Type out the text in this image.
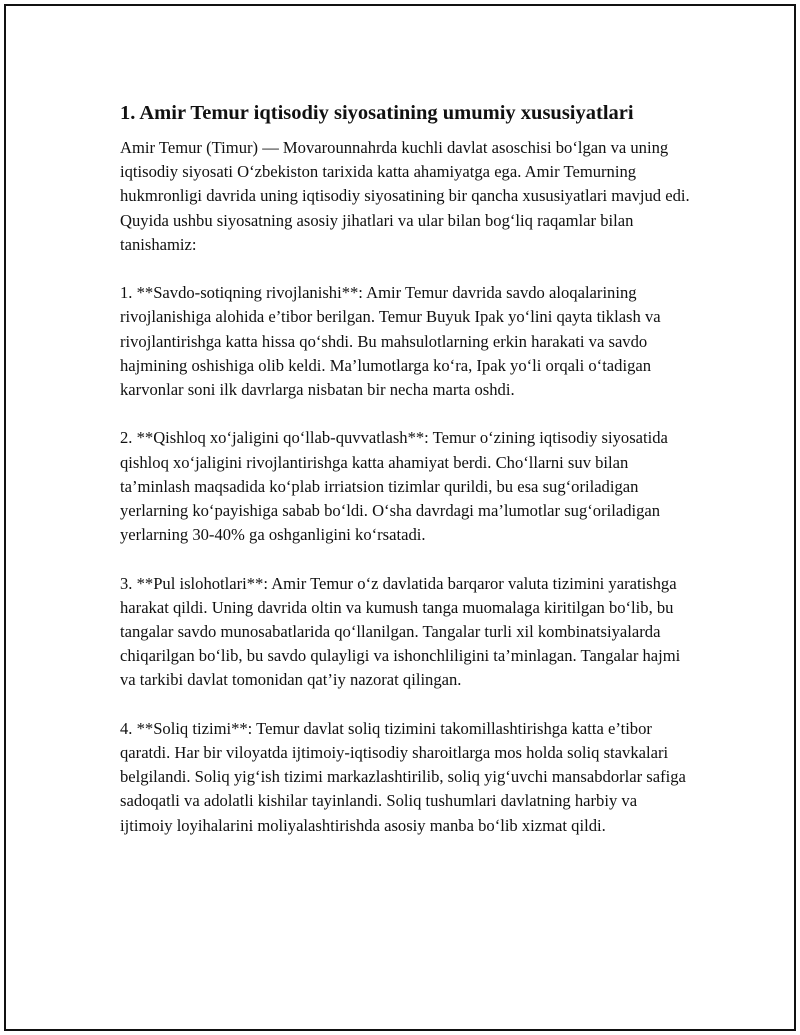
1. Amir Temur iqtisodiy siyosatining umumiy xususiyatlari

Amir Temur (Timur) — Movarounnahrda kuchli davlat asoschisi bo‘lgan va uning iqtisodiy siyosati O‘zbekiston tarixida katta ahamiyatga ega. Amir Temurning hukmronligi davrida uning iqtisodiy siyosatining bir qancha xususiyatlari mavjud edi. Quyida ushbu siyosatning asosiy jihatlari va ular bilan bog‘liq raqamlar bilan tanishamiz:

1. **Savdo-sotiqning rivojlanishi**: Amir Temur davrida savdo aloqalarining rivojlanishiga alohida e’tibor berilgan. Temur Buyuk Ipak yo‘lini qayta tiklash va rivojlantirishga katta hissa qo‘shdi. Bu mahsulotlarning erkin harakati va savdo hajmining oshishiga olib keldi. Ma’lumotlarga ko‘ra, Ipak yo‘li orqali o‘tadigan karvonlar soni ilk davrlarga nisbatan bir necha marta oshdi.

2. **Qishloq xo‘jaligini qo‘llab-quvvatlash**: Temur o‘zining iqtisodiy siyosatida qishloq xo‘jaligini rivojlantirishga katta ahamiyat berdi. Cho‘llarni suv bilan ta’minlash maqsadida ko‘plab irriatsion tizimlar qurildi, bu esa sug‘oriladigan yerlarning ko‘payishiga sabab bo‘ldi. O‘sha davrdagi ma’lumotlar sug‘oriladigan yerlarning 30-40% ga oshganligini ko‘rsatadi.

3. **Pul islohotlari**: Amir Temur o‘z davlatida barqaror valuta tizimini yaratishga harakat qildi. Uning davrida oltin va kumush tanga muomalaga kiritilgan bo‘lib, bu tangalar savdo munosabatlarida qo‘llanilgan. Tangalar turli xil kombinatsiyalarda chiqarilgan bo‘lib, bu savdo qulayligi va ishonchliligini ta’minlagan. Tangalar hajmi va tarkibi davlat tomonidan qat’iy nazorat qilingan.

4. **Soliq tizimi**: Temur davlat soliq tizimini takomillashtirishga katta e’tibor qaratdi. Har bir viloyatda ijtimoiy-iqtisodiy sharoitlarga mos holda soliq stavkalari belgilandi. Soliq yig‘ish tizimi markazlashtirilib, soliq yig‘uvchi mansabdorlar safiga sadoqatli va adolatli kishilar tayinlandi. Soliq tushumlari davlatning harbiy va ijtimoiy loyihalarini moliyalashtirishda asosiy manba bo‘lib xizmat qildi.
